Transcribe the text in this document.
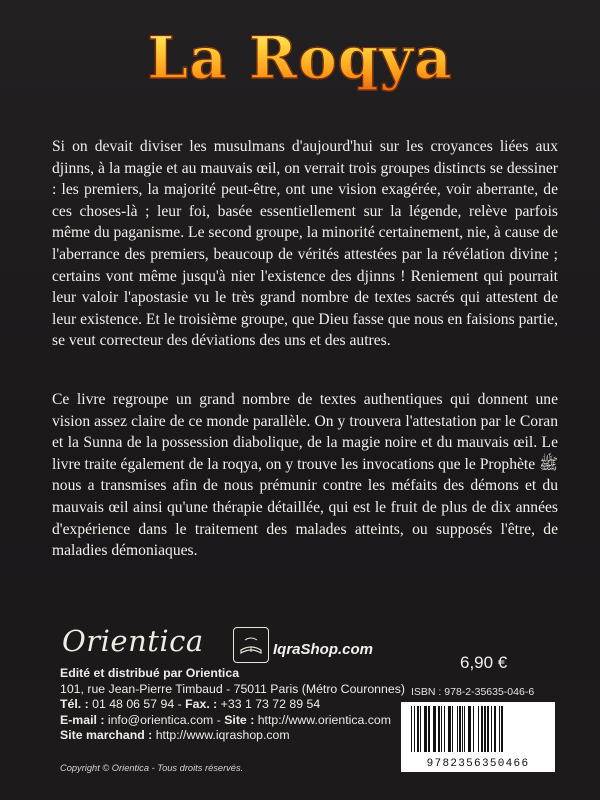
La Roqya
Si on devait diviser les musulmans d'aujourd'hui sur les croyances liées aux djinns, à la magie et au mauvais œil, on verrait trois groupes distincts se dessiner : les premiers, la majorité peut-être, ont une vision exagérée, voir aberrante, de ces choses-là ; leur foi, basée essentiellement sur la légende, relève parfois même du paganisme. Le second groupe, la minorité certainement, nie, à cause de l'aberrance des premiers, beaucoup de vérités attestées par la révélation divine ; certains vont même jusqu'à nier l'existence des djinns ! Reniement qui pourrait leur valoir l'apostasie vu le très grand nombre de textes sacrés qui attestent de leur existence. Et le troisième groupe, que Dieu fasse que nous en faisions partie, se veut correcteur des déviations des uns et des autres.
Ce livre regroupe un grand nombre de textes authentiques qui donnent une vision assez claire de ce monde parallèle. On y trouvera l'attestation par le Coran et la Sunna de la possession diabolique, de la magie noire et du mauvais œil. Le livre traite également de la roqya, on y trouve les invocations que le Prophète ﷺ nous a transmises afin de nous prémunir contre les méfaits des démons et du mauvais œil ainsi qu'une thérapie détaillée, qui est le fruit de plus de dix années d'expérience dans le traitement des malades atteints, ou supposés l'être, de maladies démoniaques.
Orientica	IqraShop.com
Edité et distribué par Orientica
101, rue Jean-Pierre Timbaud - 75011 Paris (Métro Couronnes)
Tél. : 01 48 06 57 94 - Fax. : +33 1 73 72 89 54
E-mail : info@orientica.com - Site : http://www.orientica.com
Site marchand : http://www.iqrashop.com
6,90 €
ISBN : 978-2-35635-046-6
9782356350466
Copyright © Orientica - Tous droits réservés.
